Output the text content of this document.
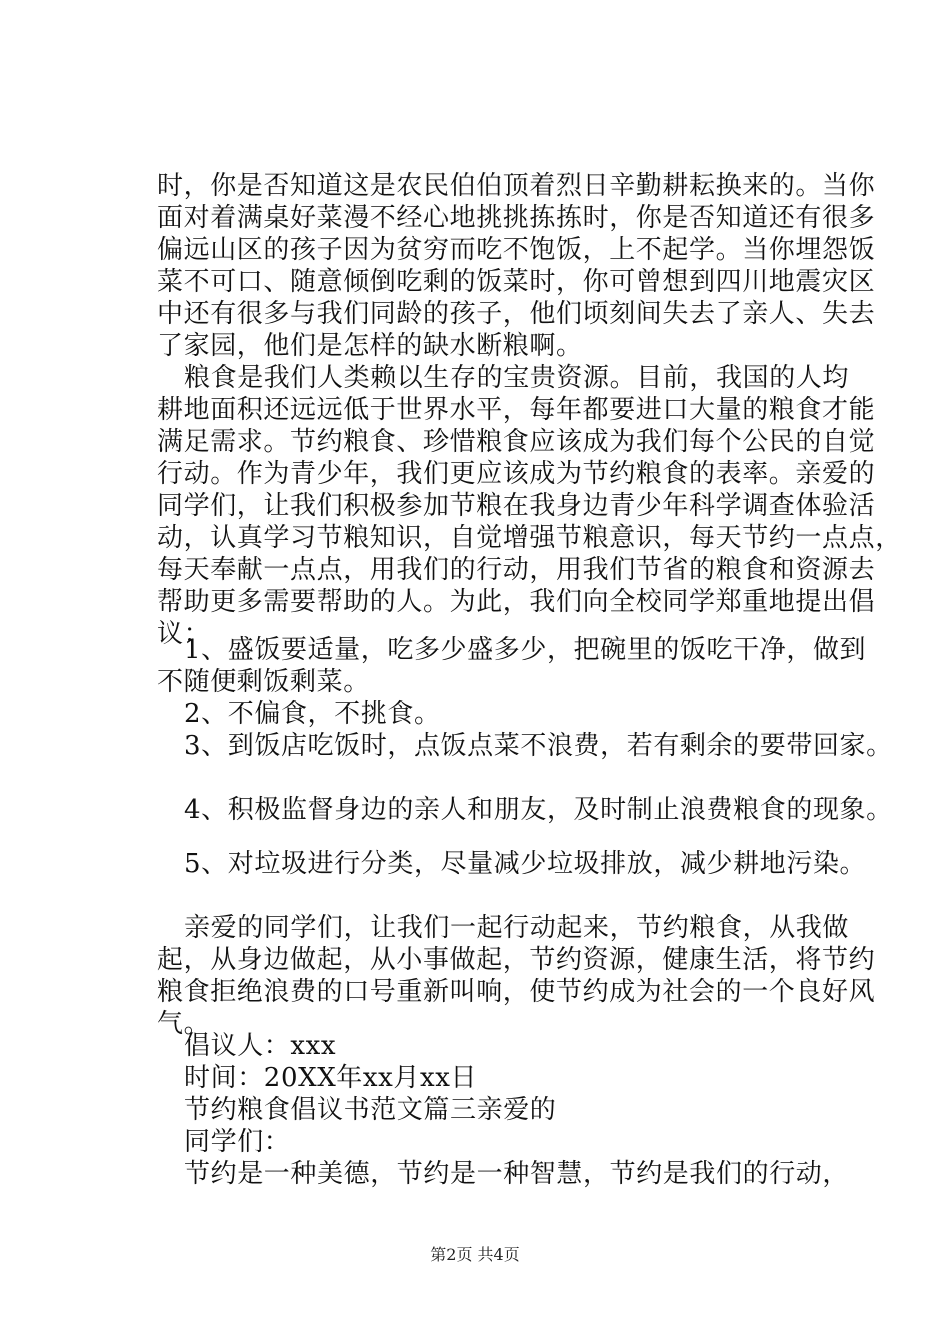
时，你是否知道这是农民伯伯顶着烈日辛勤耕耘换来的。当你
面对着满桌好菜漫不经心地挑挑拣拣时，你是否知道还有很多
偏远山区的孩子因为贫穷而吃不饱饭，上不起学。当你埋怨饭
菜不可口、随意倾倒吃剩的饭菜时，你可曾想到四川地震灾区
中还有很多与我们同龄的孩子，他们顷刻间失去了亲人、失去
了家园，他们是怎样的缺水断粮啊。
粮食是我们人类赖以生存的宝贵资源。目前，我国的人均
耕地面积还远远低于世界水平，每年都要进口大量的粮食才能
满足需求。节约粮食、珍惜粮食应该成为我们每个公民的自觉
行动。作为青少年，我们更应该成为节约粮食的表率。亲爱的
同学们，让我们积极参加节粮在我身边青少年科学调查体验活
动，认真学习节粮知识，自觉增强节粮意识，每天节约一点点，
每天奉献一点点，用我们的行动，用我们节省的粮食和资源去
帮助更多需要帮助的人。为此，我们向全校同学郑重地提出倡
议：
1、盛饭要适量，吃多少盛多少，把碗里的饭吃干净，做到
不随便剩饭剩菜。
2、不偏食，不挑食。
3、到饭店吃饭时，点饭点菜不浪费，若有剩余的要带回家。
4、积极监督身边的亲人和朋友，及时制止浪费粮食的现象。
5、对垃圾进行分类，尽量减少垃圾排放，减少耕地污染。
亲爱的同学们，让我们一起行动起来，节约粮食，从我做
起，从身边做起，从小事做起，节约资源，健康生活，将节约
粮食拒绝浪费的口号重新叫响，使节约成为社会的一个良好风
气。
倡议人：xxx
时间：20XX年xx月xx日
节约粮食倡议书范文篇三亲爱的
同学们：
节约是一种美德，节约是一种智慧，节约是我们的行动，
第2页 共4页
